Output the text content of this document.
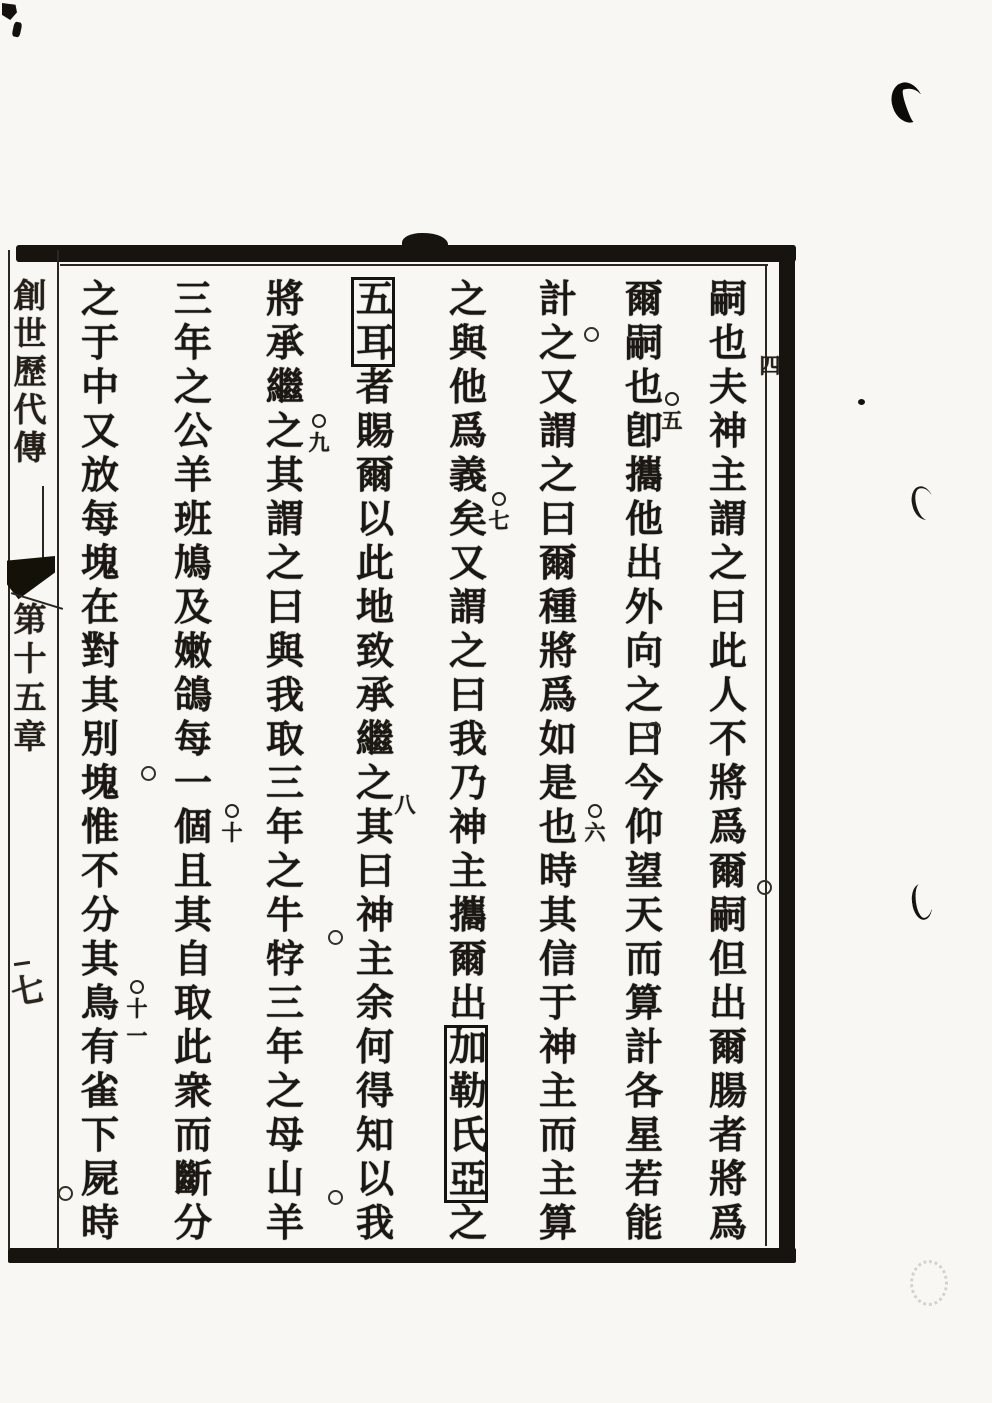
創
世
歷
代
傳
第
十
五
章
七
嗣
也
夫
神
主
謂
之
曰
此
人
不
將
爲
爾
嗣
但
出
爾
腸
者
將
爲
爾
嗣
也
卽
攜
他
出
外
向
之
曰
今
仰
望
天
而
算
計
各
星
若
能
計
之
又
謂
之
曰
爾
種
將
爲
如
是
也
時
其
信
于
神
主
而
主
算
之
與
他
爲
義
矣
又
謂
之
曰
我
乃
神
主
攜
爾
出
加
勒
氏
亞
之
五
耳
者
賜
爾
以
此
地
致
承
繼
之
其
曰
神
主
余
何
得
知
以
我
將
承
繼
之
其
謂
之
曰
與
我
取
三
年
之
牛
牸
三
年
之
母
山
羊
三
年
之
公
羊
班
鳩
及
嫩
鴿
每
一
個
且
其
自
取
此
衆
而
斷
分
之
于
中
又
放
每
塊
在
對
其
別
塊
惟
不
分
其
鳥
有
雀
下
屍
時
四
五
六
七
八
九
十
十
一
